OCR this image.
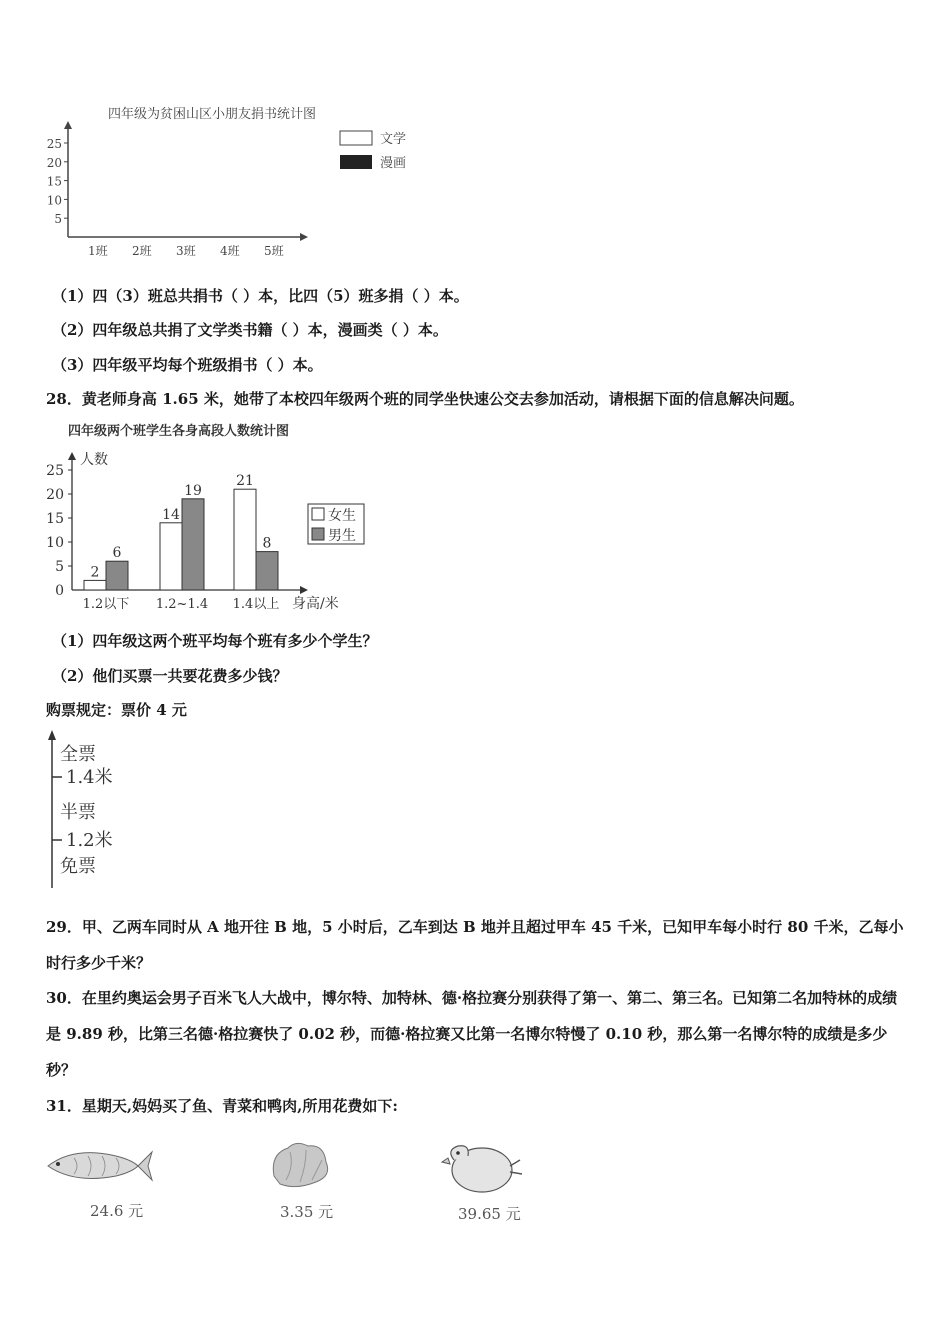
四年级为贫困山区小朋友捐书统计图
5
10
15
20
25
1班 2班 3班 4班 5班
文学
漫画
（1）四（3）班总共捐书（ ）本，比四（5）班多捐（ ）本。
（2）四年级总共捐了文学类书籍（ ）本，漫画类（ ）本。
（3）四年级平均每个班级捐书（ ）本。
28．黄老师身高 1.65 米，她带了本校四年级两个班的同学坐快速公交去参加活动，请根据下面的信息解决问题。
四年级两个班学生各身高段人数统计图
人数
0
5
10
15
20
25
2
6
14
19
21
8
1.2以下 1.2~1.4 1.4以上 身高/米
女生
男生
（1）四年级这两个班平均每个班有多少个学生？
（2）他们买票一共要花费多少钱？
购票规定：票价 4 元
全票
1.4米
半票
1.2米
免票
29．甲、乙两车同时从 A 地开往 B 地，5 小时后，乙车到达 B 地并且超过甲车 45 千米，已知甲车每小时行 80 千米，乙每小时行多少千米？
30．在里约奥运会男子百米飞人大战中，博尔特、加特林、德·格拉赛分别获得了第一、第二、第三名。已知第二名加特林的成绩是 9.89 秒，比第三名德·格拉赛快了 0.02 秒，而德·格拉赛又比第一名博尔特慢了 0.10 秒，那么第一名博尔特的成绩是多少秒？
31．星期天,妈妈买了鱼、青菜和鸭肉,所用花费如下:
24.6 元	3.35 元	39.65 元
